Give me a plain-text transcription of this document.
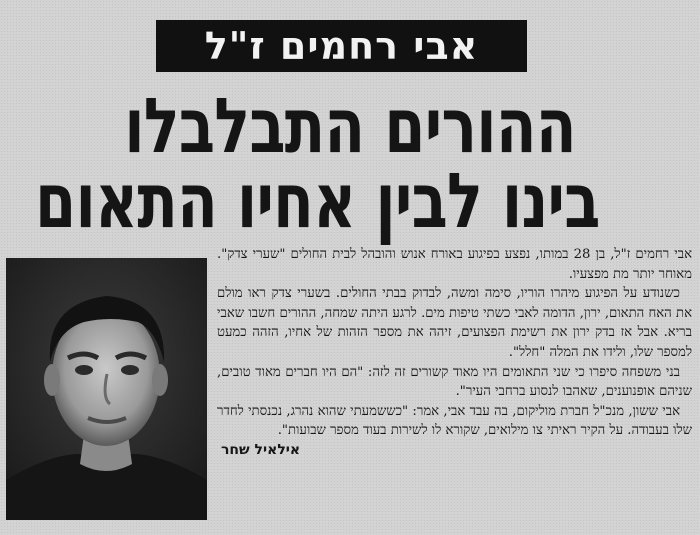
אבי רחמים ז"ל
ההורים התבלבלו
בינו לבין אחיו התאום

אבי רחמים ז"ל, בן 28 במותו, נפצע בפיגוע באורח אנוש והובהל לבית החולים "שערי צדק". מאוחר יותר מת מפצעיו.

כשנודע על הפיגוע מיהרו הוריו, סימה ומשה, לבדוק בבתי החולים. בשערי צדק ראו מולם את האח התאום, ירון, הדומה לאבי כשתי טיפות מים. לרגע היתה שמחה, ההורים חשבו שאבי בריא. אבל אז בדק ירון את רשימת הפצועים, זיהה את מספר הזהות של אחיו, הזהה כמעט למספר שלו, ולידו את המלה "חלל".

בני משפחה סיפרו כי שני התאומים היו מאוד קשורים זה לזה: "הם היו חברים מאוד טובים, שניהם אופנוענים, שאהבו לנסוע ברחבי העיר".

אבי ששון, מנכ"ל חברת מוליקום, בה עבד אבי, אמר: "כששמעתי שהוא נהרג, נכנסתי לחדר שלו בעבודה. על הקיר ראיתי צו מילואים, שקורא לו לשירות בעוד מספר שבועות".
אילאיל שחר
